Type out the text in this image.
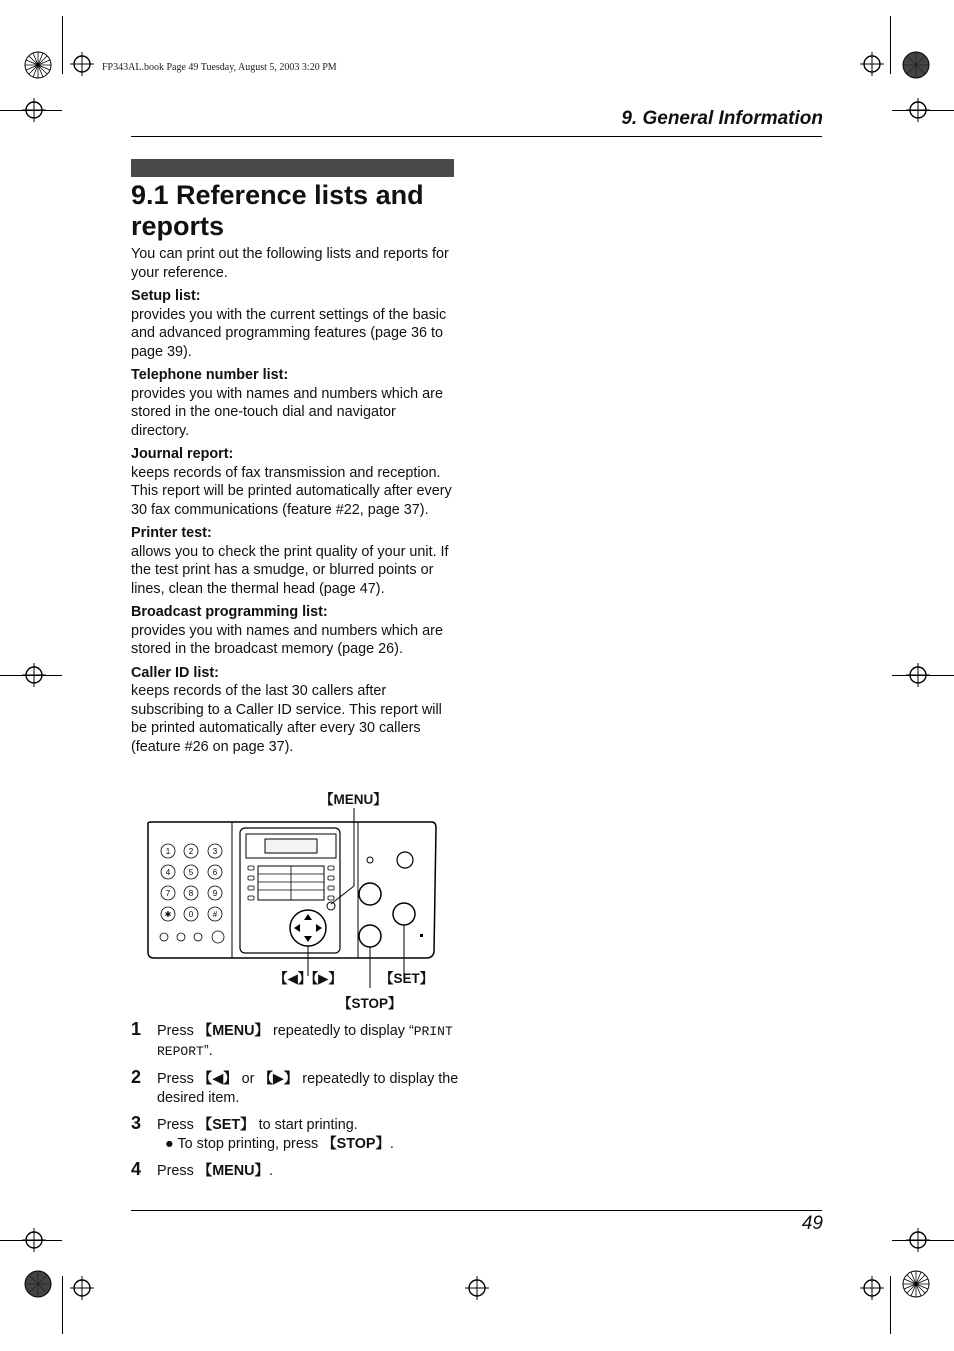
FP343AL.book Page 49 Tuesday, August 5, 2003 3:20 PM
9. General Information
9.1 Reference lists and reports

You can print out the following lists and reports for your reference.

Setup list:

provides you with the current settings of the basic and advanced programming features (page 36 to page 39).

Telephone number list:

provides you with names and numbers which are stored in the one-touch dial and navigator directory.

Journal report:

keeps records of fax transmission and reception. This report will be printed automatically after every 30 fax communications (feature #22, page 37).

Printer test:

allows you to check the print quality of your unit. If the test print has a smudge, or blurred points or lines, clean the thermal head (page 47).

Broadcast programming list:

provides you with names and numbers which are stored in the broadcast memory (page 26).

Caller ID list:

keeps records of the last 30 callers after subscribing to a Caller ID service. This report will be printed automatically after every 30 callers (feature #26 on page 37).

【MENU】
【◀】【▶】	【SET】
【STOP】
1 2 3
4 5 6
7 8 9
✱ 0 #
1 Press 【MENU】 repeatedly to display “PRINT REPORT”.
2 Press 【◀】 or 【▶】 repeatedly to display the desired item.
3 Press 【SET】 to start printing.
● To stop printing, press 【STOP】.
4 Press 【MENU】.
49
